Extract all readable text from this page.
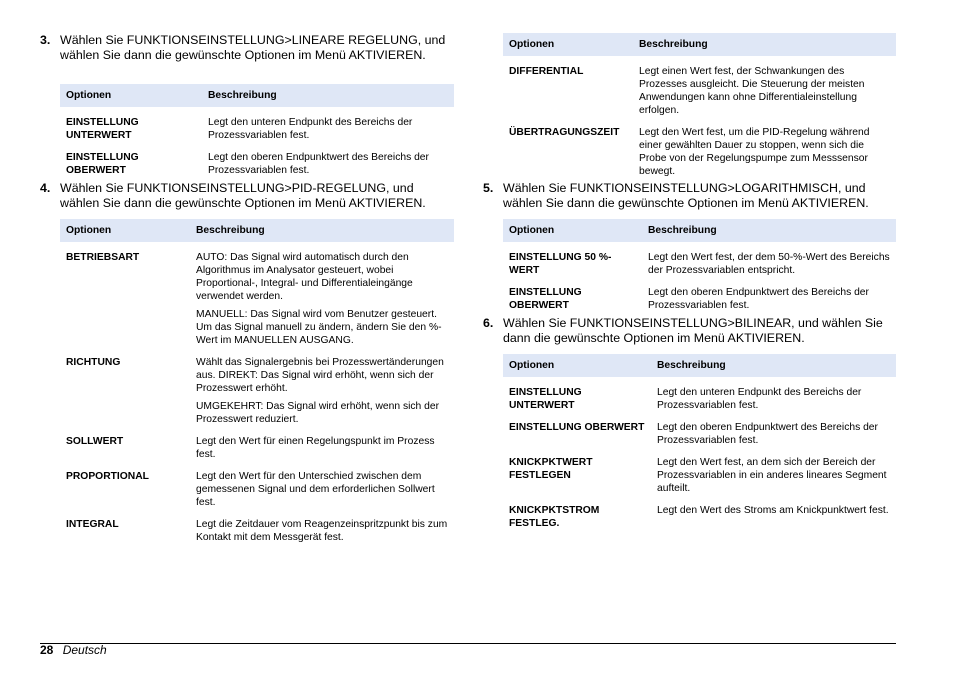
3. Wählen Sie FUNKTIONSEINSTELLUNG>LINEARE REGELUNG, und wählen Sie dann die gewünschte Optionen im Menü AKTIVIEREN.
Optionen	Beschreibung
EINSTELLUNG UNTERWERT	Legt den unteren Endpunkt des Bereichs der Prozessvariablen fest.

EINSTELLUNG OBERWERT	Legt den oberen Endpunktwert des Bereichs der Prozessvariablen fest.

4. Wählen Sie FUNKTIONSEINSTELLUNG>PID-REGELUNG, und wählen Sie dann die gewünschte Optionen im Menü AKTIVIEREN.
Optionen	Beschreibung
BETRIEBSART	AUTO: Das Signal wird automatisch durch den Algorithmus im Analysator gesteuert, wobei Proportional-, Integral- und Differentialeingänge verwendet werden.

MANUELL: Das Signal wird vom Benutzer gesteuert. Um das Signal manuell zu ändern, ändern Sie den %-Wert im MANUELLEN AUSGANG.

RICHTUNG	Wählt das Signalergebnis bei Prozesswertänderungen aus. DIREKT: Das Signal wird erhöht, wenn sich der Prozesswert erhöht.

UMGEKEHRT: Das Signal wird erhöht, wenn sich der Prozesswert reduziert.

SOLLWERT	Legt den Wert für einen Regelungspunkt im Prozess fest.

PROPORTIONAL	Legt den Wert für den Unterschied zwischen dem gemessenen Signal und dem erforderlichen Sollwert fest.

INTEGRAL	Legt die Zeitdauer vom Reagenzeinspritzpunkt bis zum Kontakt mit dem Messgerät fest.

Optionen	Beschreibung
DIFFERENTIAL	Legt einen Wert fest, der Schwankungen des Prozesses ausgleicht. Die Steuerung der meisten Anwendungen kann ohne Differentialeinstellung erfolgen.

ÜBERTRAGUNGSZEIT	Legt den Wert fest, um die PID-Regelung während einer gewählten Dauer zu stoppen, wenn sich die Probe von der Regelungspumpe zum Messsensor bewegt.

5. Wählen Sie FUNKTIONSEINSTELLUNG>LOGARITHMISCH, und wählen Sie dann die gewünschte Optionen im Menü AKTIVIEREN.
Optionen	Beschreibung
EINSTELLUNG 50 %-WERT	Legt den Wert fest, der dem 50-%-Wert des Bereichs der Prozessvariablen entspricht.

EINSTELLUNG OBERWERT	Legt den oberen Endpunktwert des Bereichs der Prozessvariablen fest.

6. Wählen Sie FUNKTIONSEINSTELLUNG>BILINEAR, und wählen Sie dann die gewünschte Optionen im Menü AKTIVIEREN.
Optionen	Beschreibung
EINSTELLUNG UNTERWERT	Legt den unteren Endpunkt des Bereichs der Prozessvariablen fest.

EINSTELLUNG OBERWERT	Legt den oberen Endpunktwert des Bereichs der Prozessvariablen fest.

KNICKPKTWERT FESTLEGEN	Legt den Wert fest, an dem sich der Bereich der Prozessvariablen in ein anderes lineares Segment aufteilt.

KNICKPKTSTROM FESTLEG.	Legt den Wert des Stroms am Knickpunktwert fest.

28 Deutsch
